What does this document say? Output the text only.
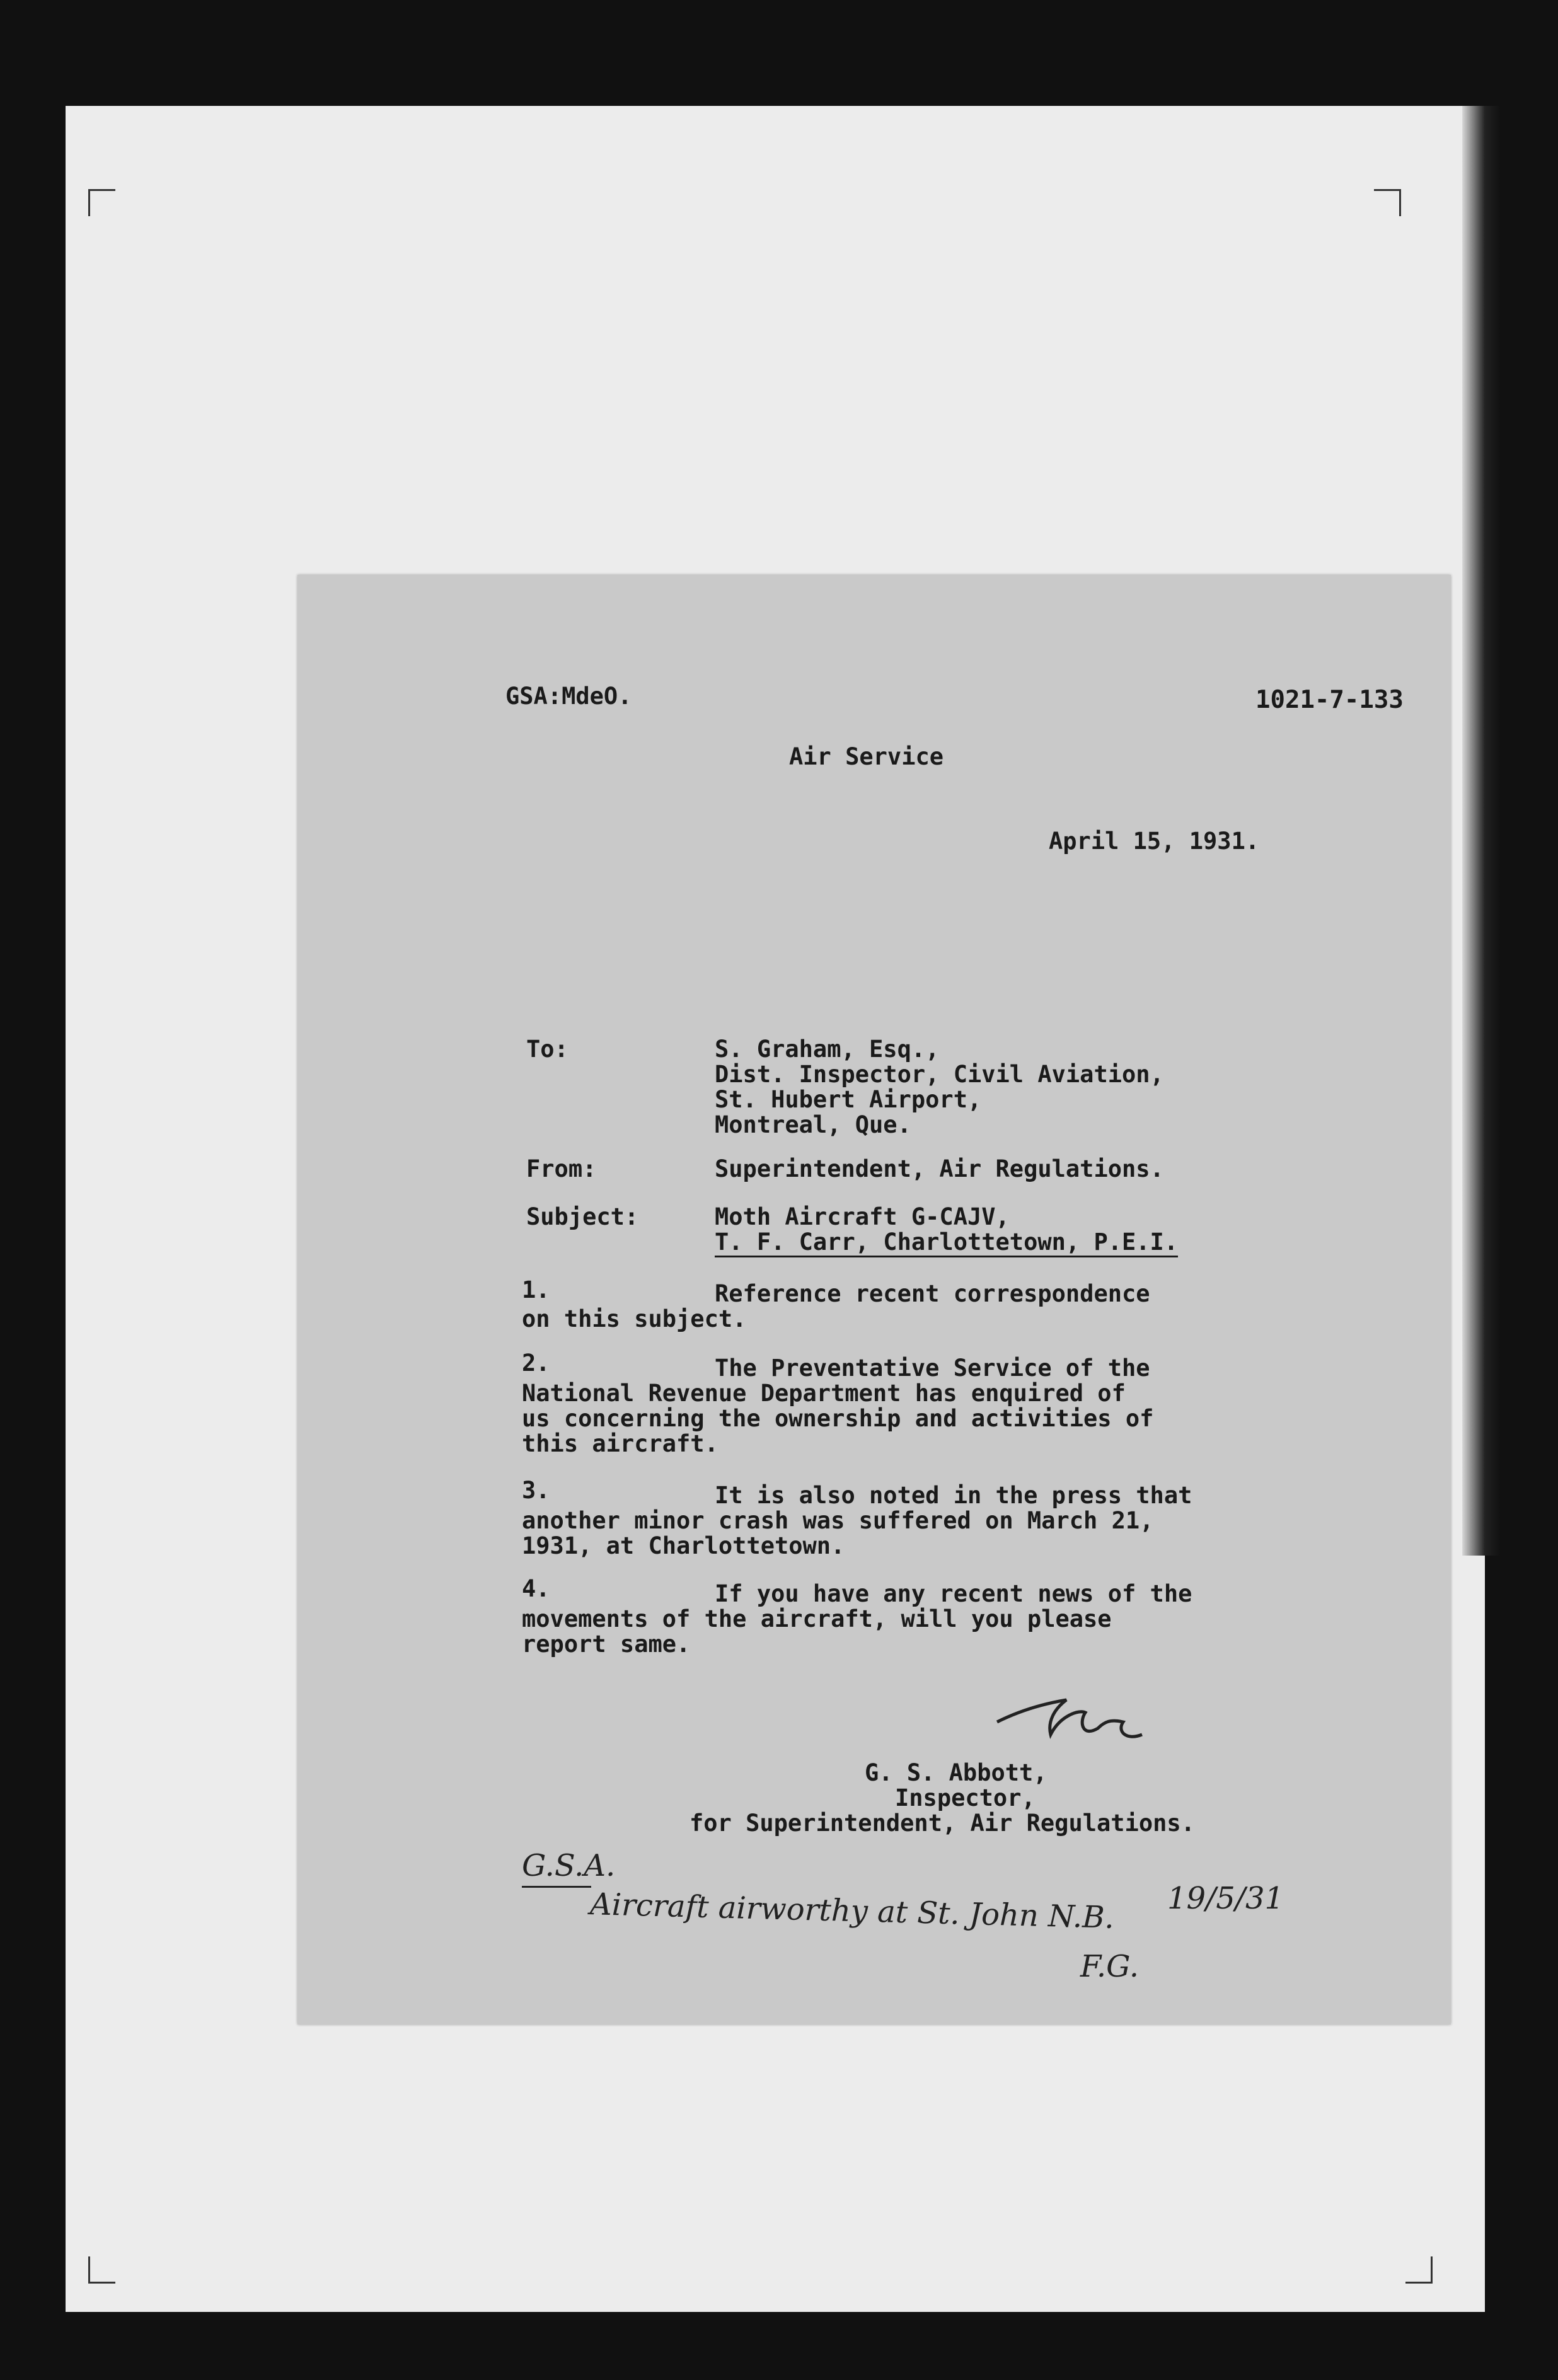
GSA:MdeO.	1021-7-133
Air Service
April 15, 1931.
To:	S. Graham, Esq.,
Dist. Inspector, Civil Aviation,
St. Hubert Airport,
Montreal, Que.
From:	Superintendent, Air Regulations.
Subject:	Moth Aircraft G-CAJV,
T. F. Carr, Charlottetown, P.E.I.
1.	Reference recent correspondence
on this subject.
2.	The Preventative Service of the
National Revenue Department has enquired of
us concerning the ownership and activities of
this aircraft.
3.	It is also noted in the press that
another minor crash was suffered on March 21,
1931, at Charlottetown.
4.	If you have any recent news of the
movements of the aircraft, will you please
report same.
G. S. Abbott,
Inspector,
for Superintendent, Air Regulations.
G.S.A.
Aircraft airworthy at St. John N.B. 19/5/31
F.G.
